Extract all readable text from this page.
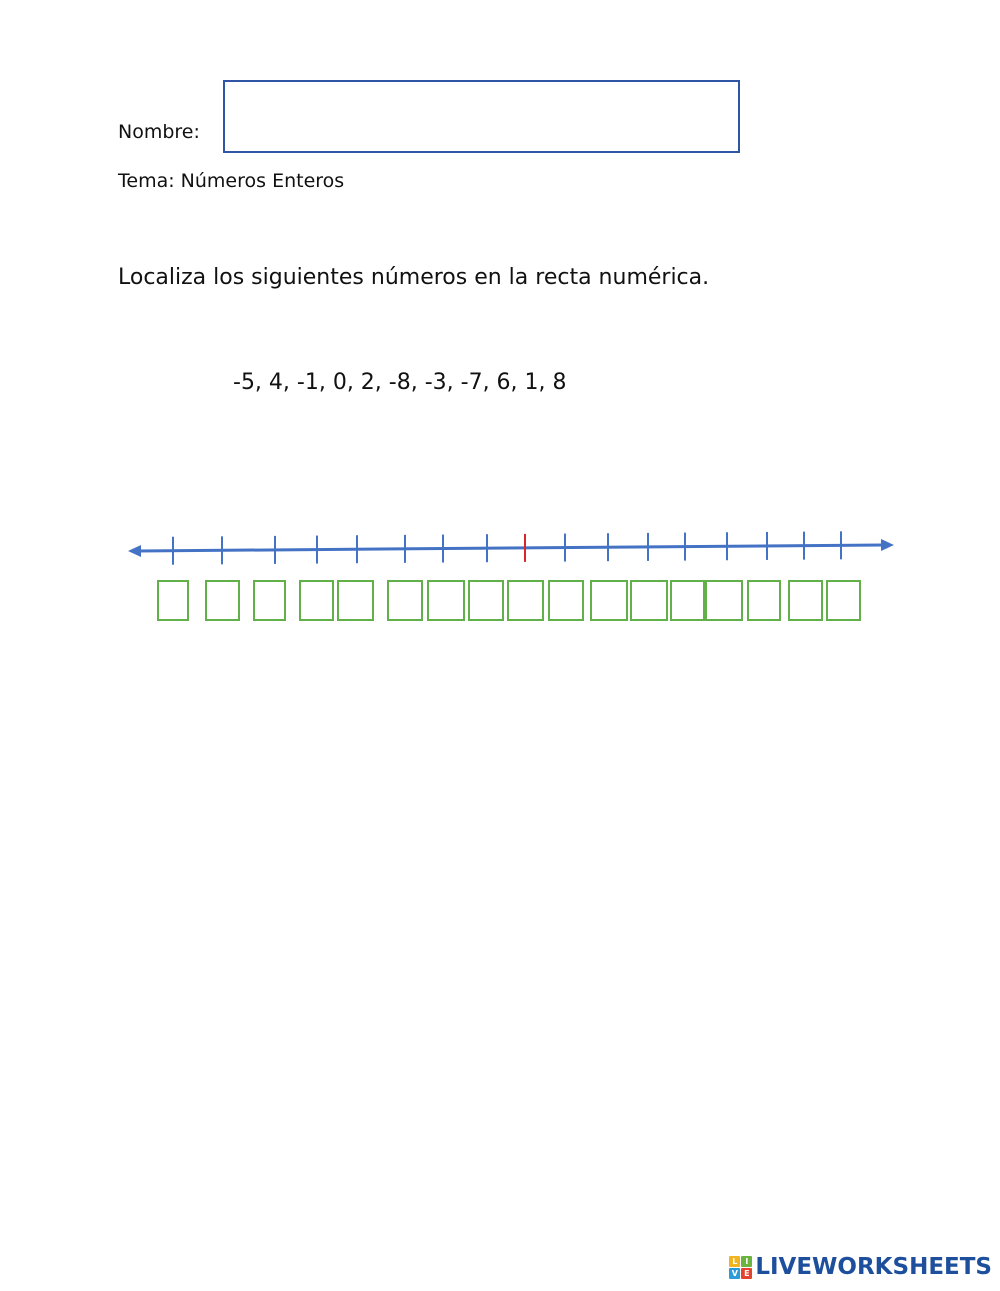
Nombre:
Tema: Números Enteros
Localiza los siguientes números en la recta numérica.
-5, 4, -1, 0, 2, -8, -3, -7, 6, 1, 8
L I
V E LIVEWORKSHEETS
